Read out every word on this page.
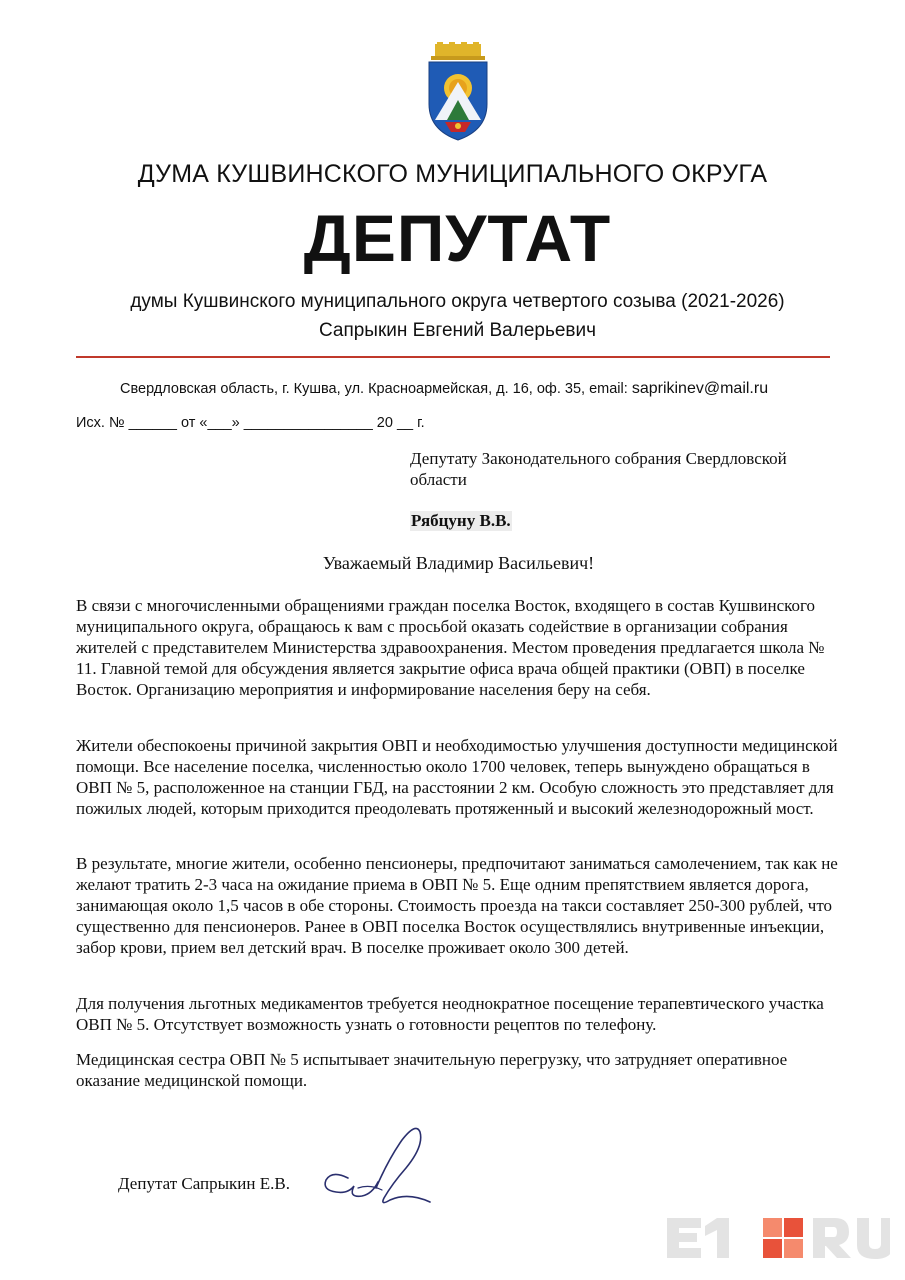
ДУМА КУШВИНСКОГО МУНИЦИПАЛЬНОГО ОКРУГА
ДЕПУТАТ
думы Кушвинского муниципального округа четвертого созыва (2021-2026)
Сапрыкин Евгений Валерьевич
Свердловская область, г. Кушва, ул. Красноармейская, д. 16, оф. 35, email: saprikinev@mail.ru
Исх. № ______ от «___» ________________ 20 __ г.
Депутату Законодательного собрания Свердловской области
Рябцуну В.В.
Уважаемый Владимир Васильевич!
В связи с многочисленными обращениями граждан поселка Восток, входящего в состав Кушвинского муниципального округа, обращаюсь к вам с просьбой оказать содействие в организации собрания жителей с представителем Министерства здравоохранения. Местом проведения предлагается школа № 11. Главной темой для обсуждения является закрытие офиса врача общей практики (ОВП) в поселке Восток. Организацию мероприятия и информирование населения беру на себя.
Жители обеспокоены причиной закрытия ОВП и необходимостью улучшения доступности медицинской помощи. Все население поселка, численностью около 1700 человек, теперь вынуждено обращаться в ОВП № 5, расположенное на станции ГБД, на расстоянии 2 км. Особую сложность это представляет для пожилых людей, которым приходится преодолевать протяженный и высокий железнодорожный мост.
В результате, многие жители, особенно пенсионеры, предпочитают заниматься самолечением, так как не желают тратить 2-3 часа на ожидание приема в ОВП № 5. Еще одним препятствием является дорога, занимающая около 1,5 часов в обе стороны. Стоимость проезда на такси составляет 250-300 рублей, что существенно для пенсионеров. Ранее в ОВП поселка Восток осуществлялись внутривенные инъекции, забор крови, прием вел детский врач. В поселке проживает около 300 детей.
Для получения льготных медикаментов требуется неоднократное посещение терапевтического участка ОВП № 5. Отсутствует возможность узнать о готовности рецептов по телефону.
Медицинская сестра ОВП № 5 испытывает значительную перегрузку, что затрудняет оперативное оказание медицинской помощи.
Депутат Сапрыкин Е.В.
